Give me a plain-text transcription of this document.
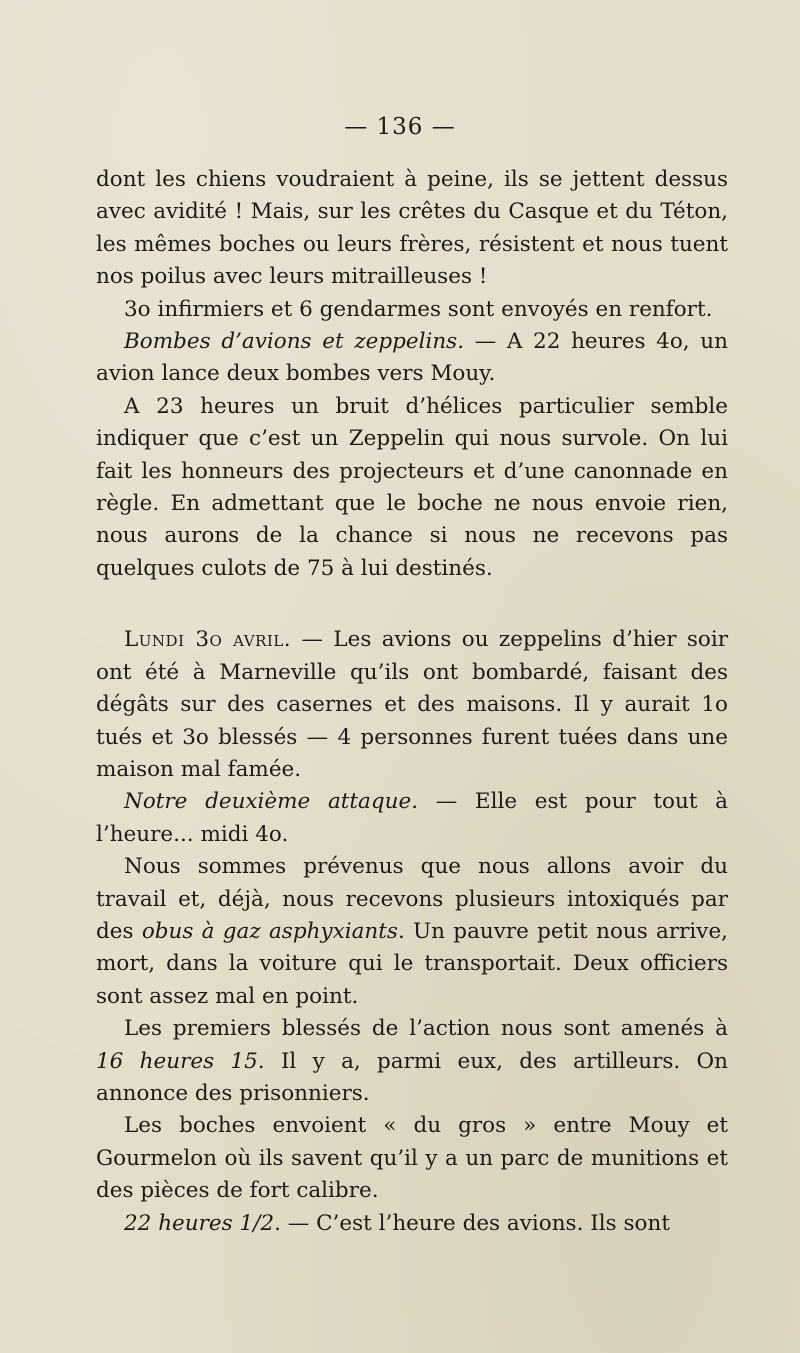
— 136 —

dont les chiens voudraient à peine, ils se jettent dessus avec avidité ! Mais, sur les crêtes du Casque et du Téton, les mêmes boches ou leurs frères, résistent et nous tuent nos poilus avec leurs mitrailleuses !

3o infirmiers et 6 gendarmes sont envoyés en renfort.

Bombes d’avions et zeppelins. — A 22 heures 4o, un avion lance deux bombes vers Mouy.

A 23 heures un bruit d’hélices particulier semble indiquer que c’est un Zeppelin qui nous survole. On lui fait les honneurs des projecteurs et d’une canonnade en règle. En admettant que le boche ne nous envoie rien, nous aurons de la chance si nous ne recevons pas quelques culots de 75 à lui destinés.

Lundi 3o avril. — Les avions ou zeppelins d’hier soir ont été à Marneville qu’ils ont bombardé, faisant des dégâts sur des casernes et des maisons. Il y aurait 1o tués et 3o blessés — 4 personnes furent tuées dans une maison mal famée.

Notre deuxième attaque. — Elle est pour tout à l’heure... midi 4o.

Nous sommes prévenus que nous allons avoir du travail et, déjà, nous recevons plusieurs intoxiqués par des obus à gaz asphyxiants. Un pauvre petit nous arrive, mort, dans la voiture qui le transportait. Deux officiers sont assez mal en point.

Les premiers blessés de l’action nous sont amenés à 16 heures 15. Il y a, parmi eux, des artilleurs. On annonce des prisonniers.

Les boches envoient « du gros » entre Mouy et Gourmelon où ils savent qu’il y a un parc de munitions et des pièces de fort calibre.

22 heures 1/2. — C’est l’heure des avions. Ils sont
